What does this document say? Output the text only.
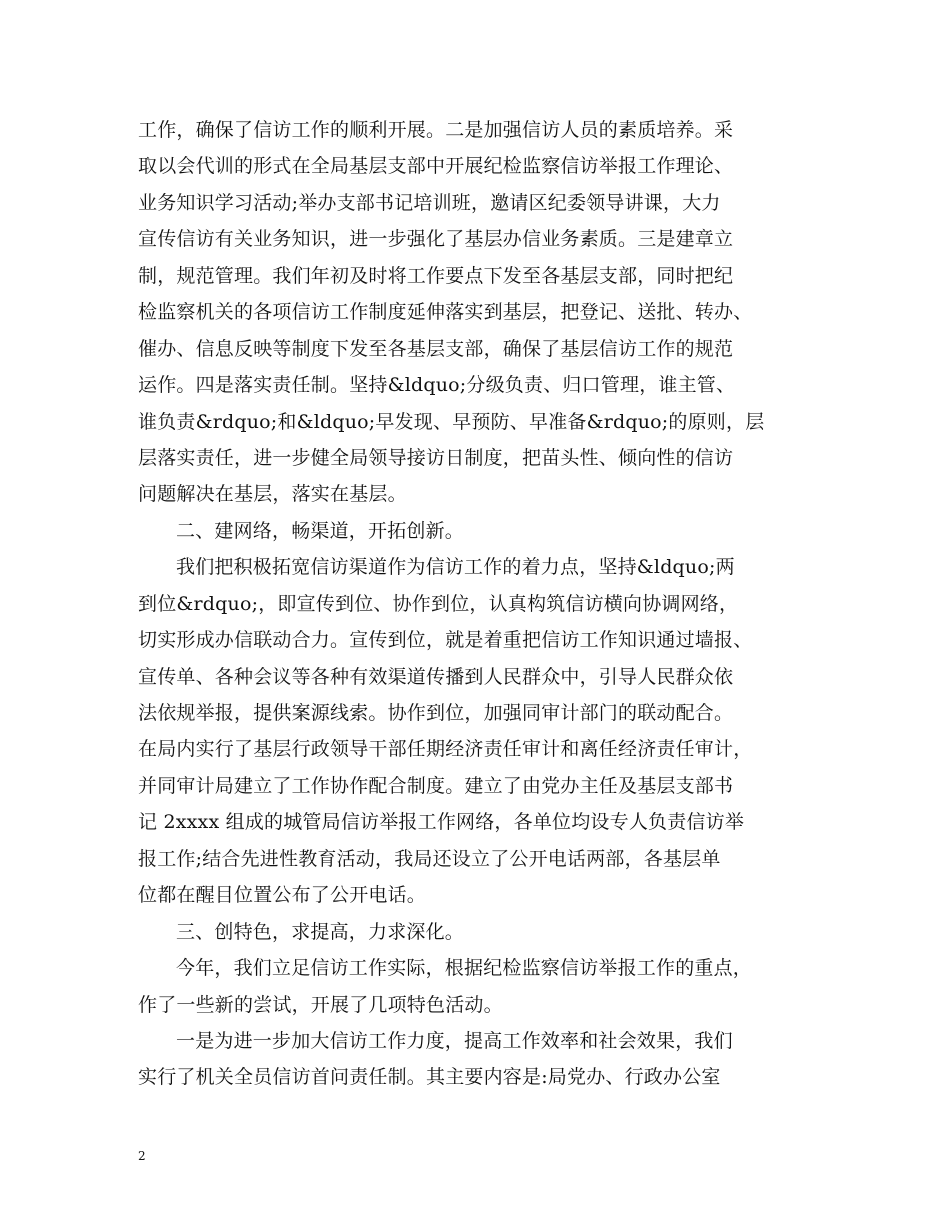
工作，确保了信访工作的顺利开展。二是加强信访人员的素质培养。采
取以会代训的形式在全局基层支部中开展纪检监察信访举报工作理论、
业务知识学习活动;举办支部书记培训班，邀请区纪委领导讲课，大力
宣传信访有关业务知识，进一步强化了基层办信业务素质。三是建章立
制，规范管理。我们年初及时将工作要点下发至各基层支部，同时把纪
检监察机关的各项信访工作制度延伸落实到基层，把登记、送批、转办、
催办、信息反映等制度下发至各基层支部，确保了基层信访工作的规范
运作。四是落实责任制。坚持&ldquo;分级负责、归口管理，谁主管、
谁负责&rdquo;和&ldquo;早发现、早预防、早准备&rdquo;的原则，层
层落实责任，进一步健全局领导接访日制度，把苗头性、倾向性的信访
问题解决在基层，落实在基层。
二、建网络，畅渠道，开拓创新。
我们把积极拓宽信访渠道作为信访工作的着力点，坚持&ldquo;两
到位&rdquo;，即宣传到位、协作到位，认真构筑信访横向协调网络，
切实形成办信联动合力。宣传到位，就是着重把信访工作知识通过墙报、
宣传单、各种会议等各种有效渠道传播到人民群众中，引导人民群众依
法依规举报，提供案源线索。协作到位，加强同审计部门的联动配合。
在局内实行了基层行政领导干部任期经济责任审计和离任经济责任审计，
并同审计局建立了工作协作配合制度。建立了由党办主任及基层支部书
记 2xxxx 组成的城管局信访举报工作网络，各单位均设专人负责信访举
报工作;结合先进性教育活动，我局还设立了公开电话两部，各基层单
位都在醒目位置公布了公开电话。
三、创特色，求提高，力求深化。
今年，我们立足信访工作实际，根据纪检监察信访举报工作的重点，
作了一些新的尝试，开展了几项特色活动。
一是为进一步加大信访工作力度，提高工作效率和社会效果，我们
实行了机关全员信访首问责任制。其主要内容是:局党办、行政办公室
2
